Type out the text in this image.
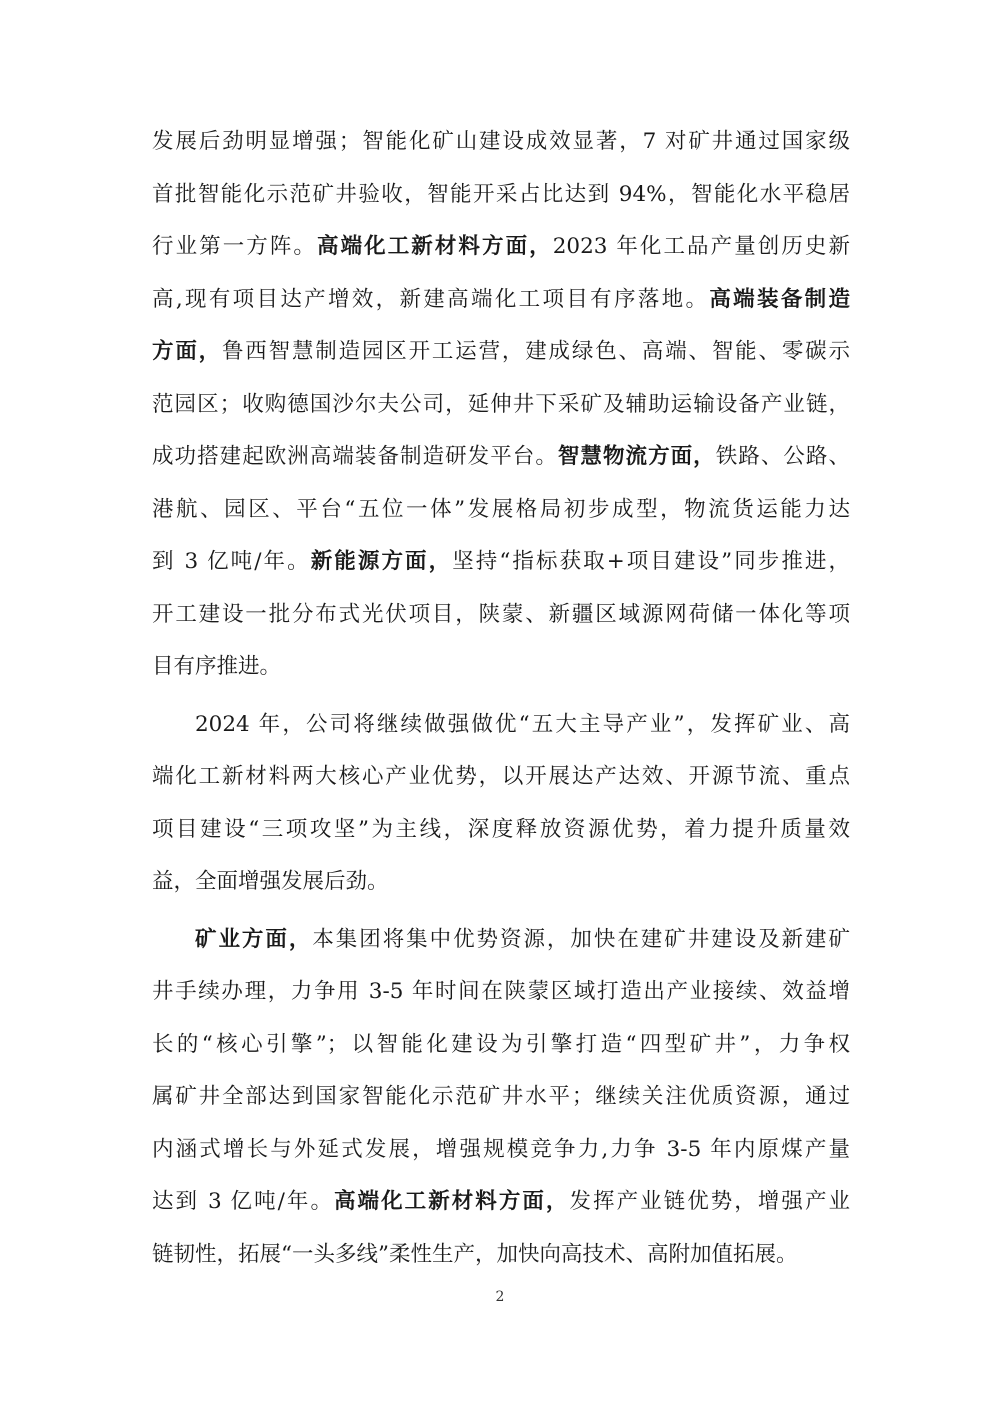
发展后劲明显增强；智能化矿山建设成效显著，7 对矿井通过国家级
首批智能化示范矿井验收，智能开采占比达到 94%，智能化水平稳居
行业第一方阵。高端化工新材料方面，2023 年化工品产量创历史新
高,现有项目达产增效，新建高端化工项目有序落地。高端装备制造
方面，鲁西智慧制造园区开工运营，建成绿色、高端、智能、零碳示
范园区；收购德国沙尔夫公司，延伸井下采矿及辅助运输设备产业链，
成功搭建起欧洲高端装备制造研发平台。智慧物流方面，铁路、公路、
港航、园区、平台“五位一体”发展格局初步成型，物流货运能力达
到 3 亿吨/年。新能源方面，坚持“指标获取+项目建设”同步推进，
开工建设一批分布式光伏项目，陕蒙、新疆区域源网荷储一体化等项
目有序推进。
2024 年，公司将继续做强做优“五大主导产业”，发挥矿业、高
端化工新材料两大核心产业优势，以开展达产达效、开源节流、重点
项目建设“三项攻坚”为主线，深度释放资源优势，着力提升质量效
益，全面增强发展后劲。
矿业方面，本集团将集中优势资源，加快在建矿井建设及新建矿
井手续办理，力争用 3-5 年时间在陕蒙区域打造出产业接续、效益增
长的“核心引擎”；以智能化建设为引擎打造“四型矿井”，力争权
属矿井全部达到国家智能化示范矿井水平；继续关注优质资源，通过
内涵式增长与外延式发展，增强规模竞争力,力争 3-5 年内原煤产量
达到 3 亿吨/年。高端化工新材料方面，发挥产业链优势，增强产业
链韧性，拓展“一头多线”柔性生产，加快向高技术、高附加值拓展。
2
